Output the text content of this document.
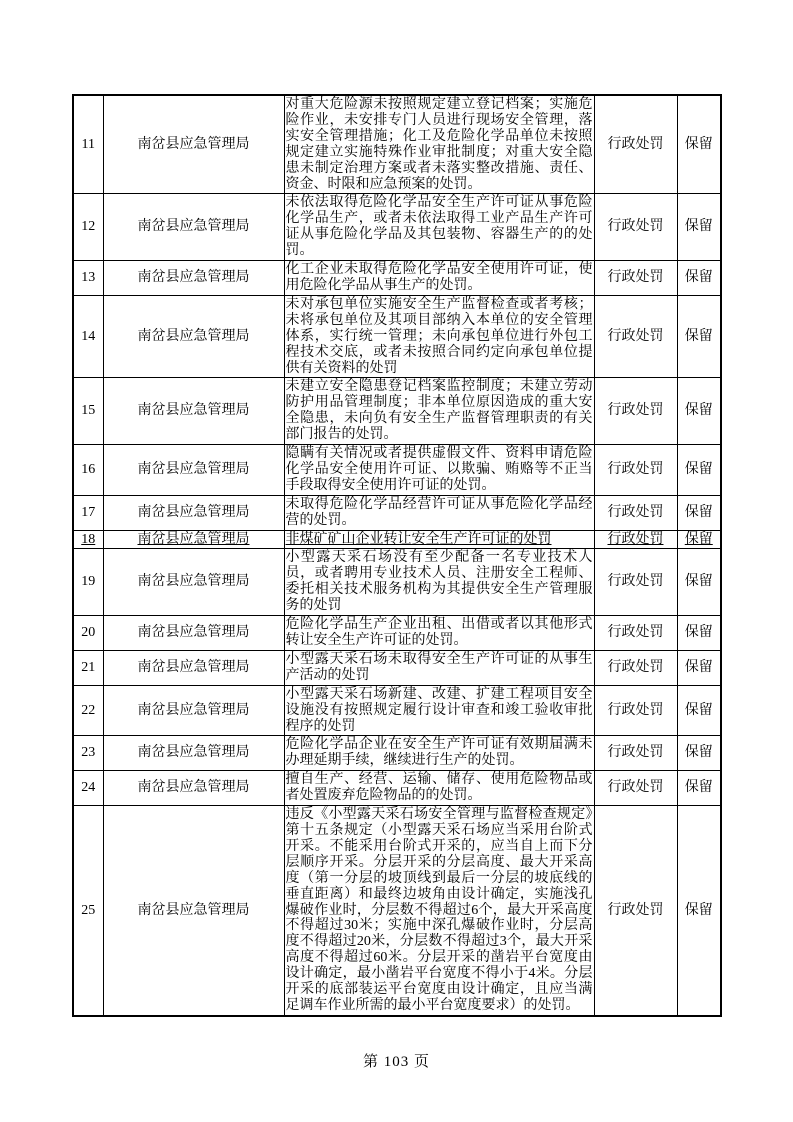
11	南岔县应急管理局	对重大危险源未按照规定建立登记档案；实施危险作业，未安排专门人员进行现场安全管理，落实安全管理措施；化工及危险化学品单位未按照规定建立实施特殊作业审批制度；对重大安全隐患未制定治理方案或者未落实整改措施、责任、资金、时限和应急预案的处罚。	行政处罚	保留
12	南岔县应急管理局	未依法取得危险化学品安全生产许可证从事危险化学品生产，或者未依法取得工业产品生产许可证从事危险化学品及其包装物、容器生产的的处罚。	行政处罚	保留
13	南岔县应急管理局	化工企业未取得危险化学品安全使用许可证，使用危险化学品从事生产的处罚。	行政处罚	保留
14	南岔县应急管理局	未对承包单位实施安全生产监督检查或者考核；未将承包单位及其项目部纳入本单位的安全管理体系，实行统一管理；未向承包单位进行外包工程技术交底，或者未按照合同约定向承包单位提供有关资料的处罚	行政处罚	保留
15	南岔县应急管理局	未建立安全隐患登记档案监控制度；未建立劳动防护用品管理制度；非本单位原因造成的重大安全隐患，未向负有安全生产监督管理职责的有关部门报告的处罚。	行政处罚	保留
16	南岔县应急管理局	隐瞒有关情况或者提供虚假文件、资料申请危险化学品安全使用许可证、以欺骗、贿赂等不正当手段取得安全使用许可证的处罚。	行政处罚	保留
17	南岔县应急管理局	未取得危险化学品经营许可证从事危险化学品经营的处罚。	行政处罚	保留
18	南岔县应急管理局	非煤矿矿山企业转让安全生产许可证的处罚	行政处罚	保留
19	南岔县应急管理局	小型露天采石场没有至少配备一名专业技术人员，或者聘用专业技术人员、注册安全工程师、委托相关技术服务机构为其提供安全生产管理服务的处罚	行政处罚	保留
20	南岔县应急管理局	危险化学品生产企业出租、出借或者以其他形式转让安全生产许可证的处罚。	行政处罚	保留
21	南岔县应急管理局	小型露天采石场未取得安全生产许可证的从事生产活动的处罚	行政处罚	保留
22	南岔县应急管理局	小型露天采石场新建、改建、扩建工程项目安全设施没有按照规定履行设计审查和竣工验收审批程序的处罚	行政处罚	保留
23	南岔县应急管理局	危险化学品企业在安全生产许可证有效期届满未办理延期手续，继续进行生产的处罚。	行政处罚	保留
24	南岔县应急管理局	擅自生产、经营、运输、储存、使用危险物品或者处置废弃危险物品的的处罚。	行政处罚	保留
25	南岔县应急管理局	违反《小型露天采石场安全管理与监督检查规定》第十五条规定（小型露天采石场应当采用台阶式开采。不能采用台阶式开采的，应当自上而下分层顺序开采。分层开采的分层高度、最大开采高度（第一分层的坡顶线到最后一分层的坡底线的垂直距离）和最终边坡角由设计确定，实施浅孔爆破作业时，分层数不得超过6个，最大开采高度不得超过30米；实施中深孔爆破作业时，分层高度不得超过20米，分层数不得超过3个，最大开采高度不得超过60米。分层开采的凿岩平台宽度由设计确定，最小凿岩平台宽度不得小于4米。分层开采的底部装运平台宽度由设计确定，且应当满足调车作业所需的最小平台宽度要求）的处罚。	行政处罚	保留
第 103 页
